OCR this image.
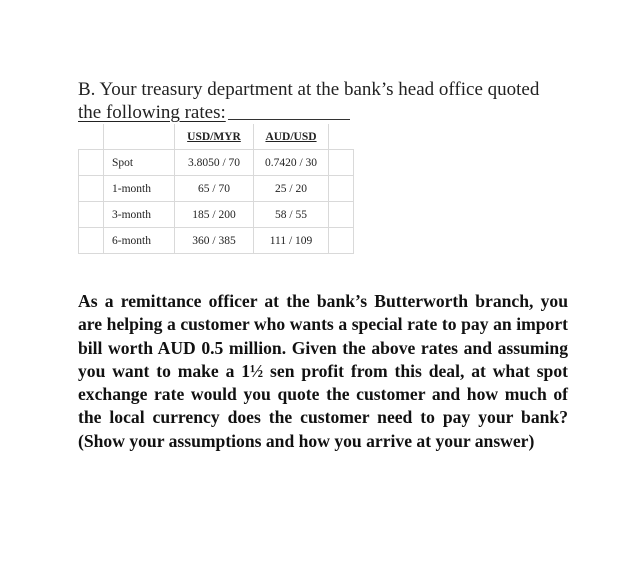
B. Your treasury department at the bank’s head office quoted
the following rates:

		USD/MYR	AUD/USD	
	Spot	3.8050 / 70	0.7420 / 30	
	1-month	65 / 70	25 / 20	
	3-month	185 / 200	58 / 55	
	6-month	360 / 385	111 / 109	

As a remittance officer at the bank’s Butterworth branch, you are helping a customer who wants a special rate to pay an import bill worth AUD 0.5 million. Given the above rates and assuming you want to make a 1½ sen profit from this deal, at what spot exchange rate would you quote the customer and how much of the local currency does the customer need to pay your bank? (Show your assumptions and how you arrive at your answer)
